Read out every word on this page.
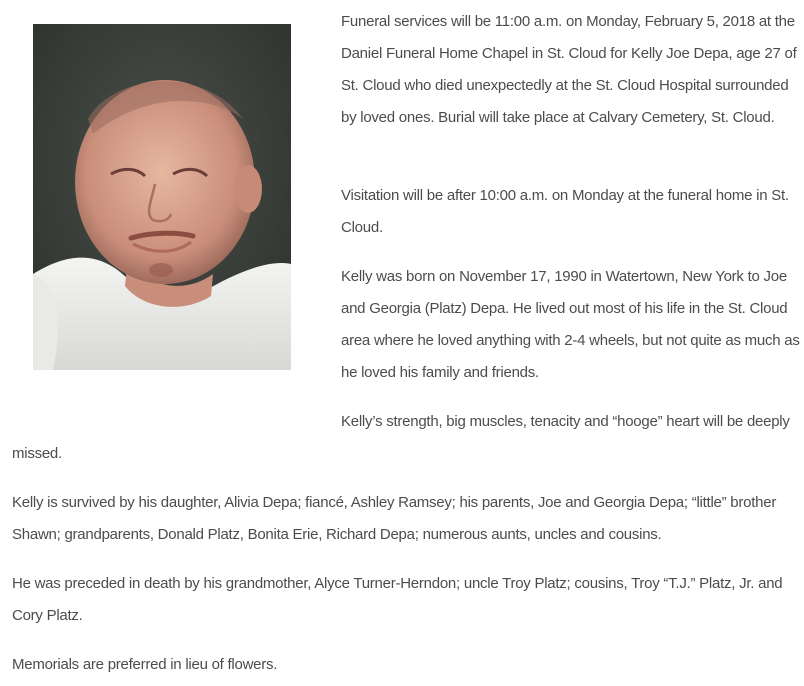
Funeral services will be 11:00 a.m. on Monday, February 5, 2018 at the Daniel Funeral Home Chapel in St. Cloud for Kelly Joe Depa, age 27 of St. Cloud who died unexpectedly at the St. Cloud Hospital surrounded by loved ones. Burial will take place at Calvary Cemetery, St. Cloud.

Visitation will be after 10:00 a.m. on Monday at the funeral home in St. Cloud.

Kelly was born on November 17, 1990 in Watertown, New York to Joe and Georgia (Platz) Depa. He lived out most of his life in the St. Cloud area where he loved anything with 2-4 wheels, but not quite as much as he loved his family and friends.

Kelly’s strength, big muscles, tenacity and “hooge” heart will be deeply missed.

Kelly is survived by his daughter, Alivia Depa; fiancé, Ashley Ramsey; his parents, Joe and Georgia Depa; “little” brother Shawn; grandparents, Donald Platz, Bonita Erie, Richard Depa; numerous aunts, uncles and cousins.

He was preceded in death by his grandmother, Alyce Turner-Herndon; uncle Troy Platz; cousins, Troy “T.J.” Platz, Jr. and Cory Platz.

Memorials are preferred in lieu of flowers.
